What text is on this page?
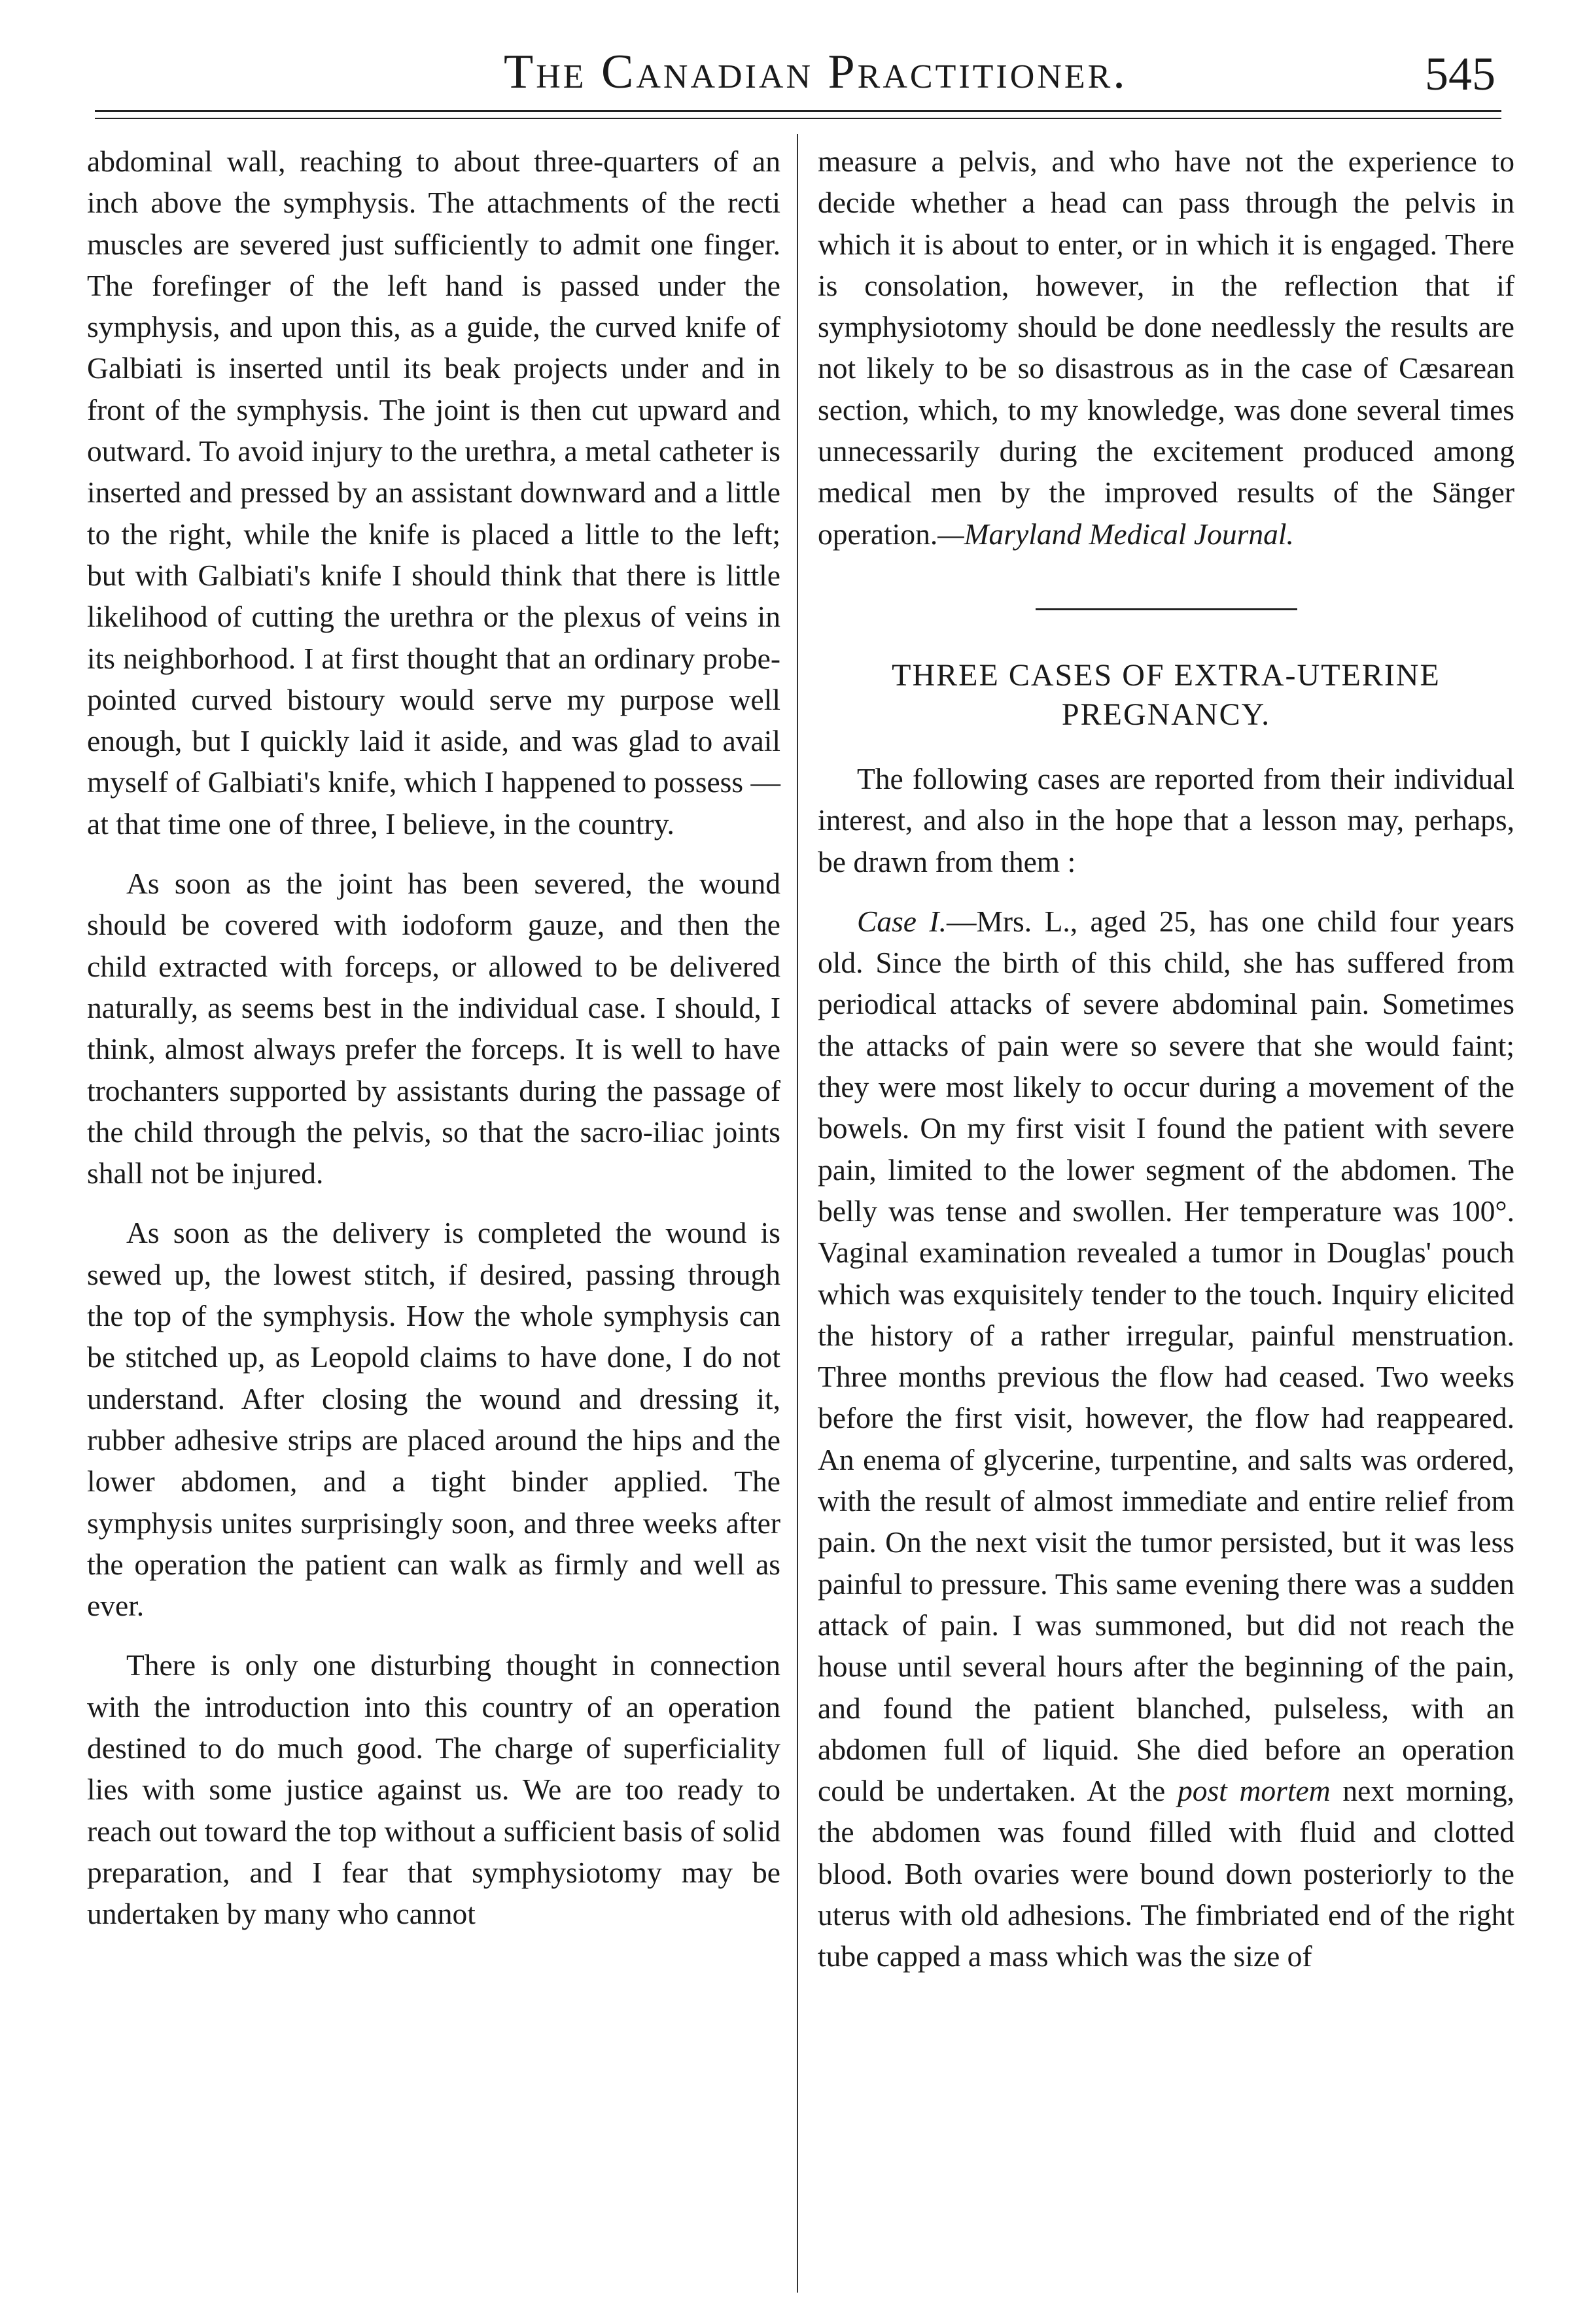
The Canadian Practitioner.	545

abdominal wall, reaching to about three-quarters of an inch above the symphysis. The attachments of the recti muscles are severed just sufficiently to admit one finger. The forefinger of the left hand is passed under the symphysis, and upon this, as a guide, the curved knife of Galbiati is inserted until its beak projects under and in front of the symphysis. The joint is then cut upward and outward. To avoid injury to the urethra, a metal catheter is inserted and pressed by an assistant downward and a little to the right, while the knife is placed a little to the left; but with Galbiati's knife I should think that there is little likelihood of cutting the urethra or the plexus of veins in its neighborhood. I at first thought that an ordinary probe-pointed curved bistoury would serve my purpose well enough, but I quickly laid it aside, and was glad to avail myself of Galbiati's knife, which I happened to possess — at that time one of three, I believe, in the country.

As soon as the joint has been severed, the wound should be covered with iodoform gauze, and then the child extracted with forceps, or allowed to be delivered naturally, as seems best in the individual case. I should, I think, almost always prefer the forceps. It is well to have trochanters supported by assistants during the passage of the child through the pelvis, so that the sacro-iliac joints shall not be injured.

As soon as the delivery is completed the wound is sewed up, the lowest stitch, if desired, passing through the top of the symphysis. How the whole symphysis can be stitched up, as Leopold claims to have done, I do not understand. After closing the wound and dressing it, rubber adhesive strips are placed around the hips and the lower abdomen, and a tight binder applied. The symphysis unites surprisingly soon, and three weeks after the operation the patient can walk as firmly and well as ever.

There is only one disturbing thought in connection with the introduction into this country of an operation destined to do much good. The charge of superficiality lies with some justice against us. We are too ready to reach out toward the top without a sufficient basis of solid preparation, and I fear that symphysiotomy may be undertaken by many who cannot

measure a pelvis, and who have not the experience to decide whether a head can pass through the pelvis in which it is about to enter, or in which it is engaged. There is consolation, however, in the reflection that if symphysiotomy should be done needlessly the results are not likely to be so disastrous as in the case of Cæsarean section, which, to my knowledge, was done several times unnecessarily during the excitement produced among medical men by the improved results of the Sänger operation.—Maryland Medical Journal.

THREE CASES OF EXTRA-UTERINE
PREGNANCY.

The following cases are reported from their individual interest, and also in the hope that a lesson may, perhaps, be drawn from them :

Case I.—Mrs. L., aged 25, has one child four years old. Since the birth of this child, she has suffered from periodical attacks of severe abdominal pain. Sometimes the attacks of pain were so severe that she would faint; they were most likely to occur during a movement of the bowels. On my first visit I found the patient with severe pain, limited to the lower segment of the abdomen. The belly was tense and swollen. Her temperature was 100°. Vaginal examination revealed a tumor in Douglas' pouch which was exquisitely tender to the touch. Inquiry elicited the history of a rather irregular, painful menstruation. Three months previous the flow had ceased. Two weeks before the first visit, however, the flow had reappeared. An enema of glycerine, turpentine, and salts was ordered, with the result of almost immediate and entire relief from pain. On the next visit the tumor persisted, but it was less painful to pressure. This same evening there was a sudden attack of pain. I was summoned, but did not reach the house until several hours after the beginning of the pain, and found the patient blanched, pulseless, with an abdomen full of liquid. She died before an operation could be undertaken. At the post mortem next morning, the abdomen was found filled with fluid and clotted blood. Both ovaries were bound down posteriorly to the uterus with old adhesions. The fimbriated end of the right tube capped a mass which was the size of
